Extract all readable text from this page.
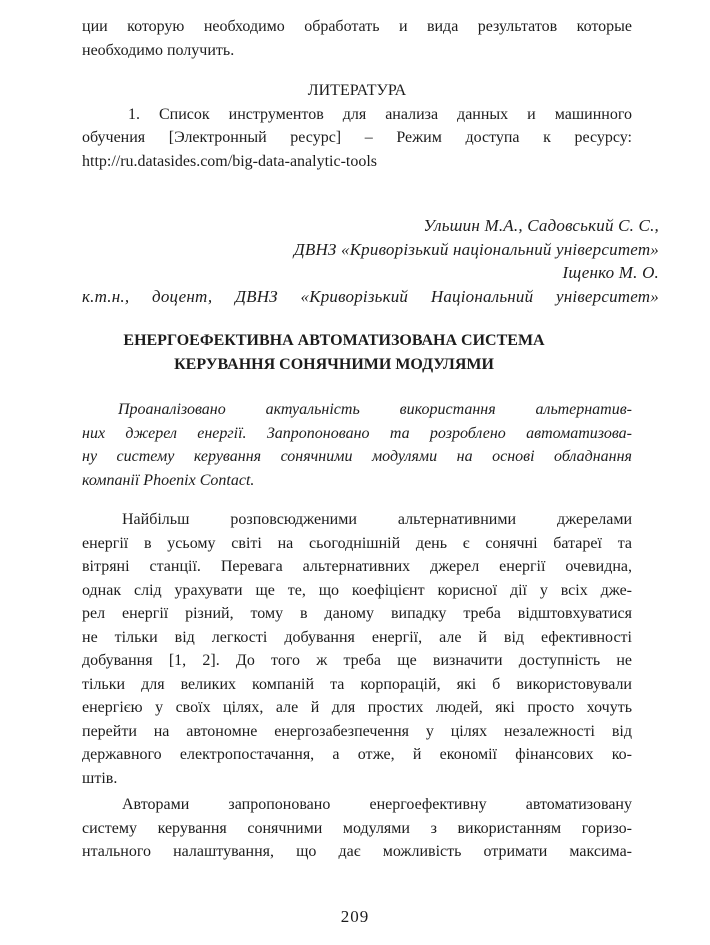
ции которую необходимо обработать и вида результатов которые
необходимо получить.
ЛИТЕРАТУРА
1. Список инструментов для анализа данных и машинного
обучения [Электронный ресурс] – Режим доступа к ресурсу:
http://ru.datasides.com/big-data-analytic-tools
Ульшин М.А., Садовський С. С.,
ДВНЗ «Криворізький національний університет»
Іщенко М. О.
к.т.н., доцент, ДВНЗ «Криворізький Національний університет»
ЕНЕРГОЕФЕКТИВНА АВТОМАТИЗОВАНА СИСТЕМА
КЕРУВАННЯ СОНЯЧНИМИ МОДУЛЯМИ
Проаналізовано актуальність використання альтернатив-
них джерел енергії. Запропоновано та розроблено автоматизова-
ну систему керування сонячними модулями на основі обладнання
компанії Phoenix Contact.
Найбільш розповсюдженими альтернативними джерелами
енергії в усьому світі на сьогоднішній день є сонячні батареї та
вітряні станції. Перевага альтернативних джерел енергії очевидна,
однак слід урахувати ще те, що коефіцієнт корисної дії у всіх дже-
рел енергії різний, тому в даному випадку треба відштовхуватися
не тільки від легкості добування енергії, але й від ефективності
добування [1, 2]. До того ж треба ще визначити доступність не
тільки для великих компаній та корпорацій, які б використовували
енергією у своїх цілях, але й для простих людей, які просто хочуть
перейти на автономне енергозабезпечення у цілях незалежності від
державного електропостачання, а отже, й економії фінансових ко-
штів.
Авторами запропоновано енергоефективну автоматизовану
систему керування сонячними модулями з використанням горизо-
нтального налаштування, що дає можливість отримати максима-
209
